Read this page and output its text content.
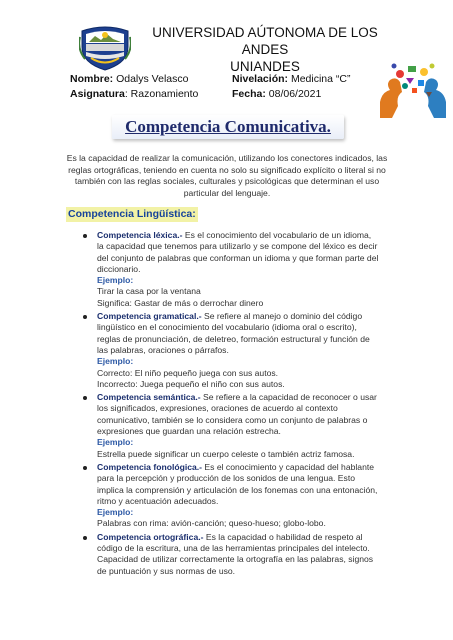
UNIVERSIDAD AÚTONOMA DE LOS ANDES
UNIANDES
Nombre: Odalys Velasco	Nivelación: Medicina “C”
Asignatura: Razonamiento	Fecha: 08/06/2021
Competencia Comunicativa.
Es la capacidad de realizar la comunicación, utilizando los conectores indicados, las reglas ortográficas, teniendo en cuenta no solo su significado explícito o literal si no también con las reglas sociales, culturales y psicológicas que determinan el uso particular del lenguaje.
Competencia Lingüística:
Competencia léxica.- Es el conocimiento del vocabulario de un idioma, la capacidad que tenemos para utilizarlo y se compone del léxico es decir del conjunto de palabras que conforman un idioma y que forman parte del diccionario.
Ejemplo:
Tirar la casa por la ventana
Significa: Gastar de más o derrochar dinero
Competencia gramatical.- Se refiere al manejo o dominio del código lingüístico en el conocimiento del vocabulario (idioma oral o escrito), reglas de pronunciación, de deletreo, formación estructural y función de las palabras, oraciones o párrafos.
Ejemplo:
Correcto: El niño pequeño juega con sus autos.
Incorrecto: Juega pequeño el niño con sus autos.
Competencia semántica.- Se refiere a la capacidad de reconocer o usar los significados, expresiones, oraciones de acuerdo al contexto comunicativo, también se lo considera como un conjunto de palabras o expresiones que guardan una relación estrecha.
Ejemplo:
Estrella puede significar un cuerpo celeste o también actriz famosa.
Competencia fonológica.- Es el conocimiento y capacidad del hablante para la percepción y producción de los sonidos de una lengua. Esto implica la comprensión y articulación de los fonemas con una entonación, ritmo y acentuación adecuados.
Ejemplo:
Palabras con rima: avión-canción; queso-hueso; globo-lobo.
Competencia ortográfica.- Es la capacidad o habilidad de respeto al código de la escritura, una de las herramientas principales del intelecto. Capacidad de utilizar correctamente la ortografía en las palabras, signos de puntuación y sus normas de uso.
